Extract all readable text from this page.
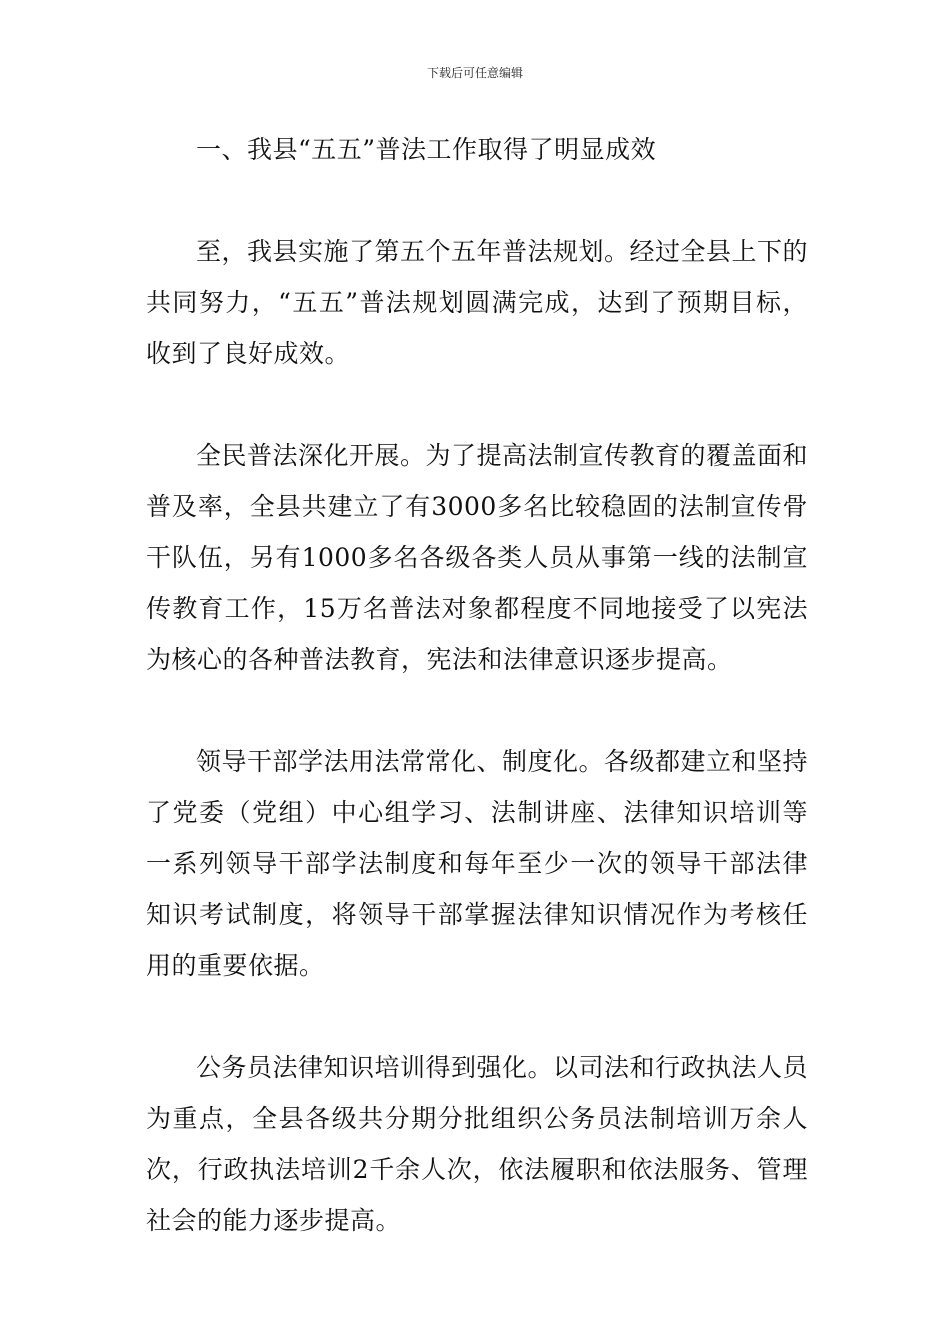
下载后可任意编辑

一、我县“五五”普法工作取得了明显成效

至，我县实施了第五个五年普法规划。经过全县上下的共同努力，“五五”普法规划圆满完成，达到了预期目标，收到了良好成效。

全民普法深化开展。为了提高法制宣传教育的覆盖面和普及率，全县共建立了有3000多名比较稳固的法制宣传骨干队伍，另有1000多名各级各类人员从事第一线的法制宣传教育工作，15万名普法对象都程度不同地接受了以宪法为核心的各种普法教育，宪法和法律意识逐步提高。

领导干部学法用法常常化、制度化。各级都建立和坚持了党委（党组）中心组学习、法制讲座、法律知识培训等一系列领导干部学法制度和每年至少一次的领导干部法律知识考试制度，将领导干部掌握法律知识情况作为考核任用的重要依据。

公务员法律知识培训得到强化。以司法和行政执法人员为重点，全县各级共分期分批组织公务员法制培训万余人次，行政执法培训2千余人次，依法履职和依法服务、管理社会的能力逐步提高。
